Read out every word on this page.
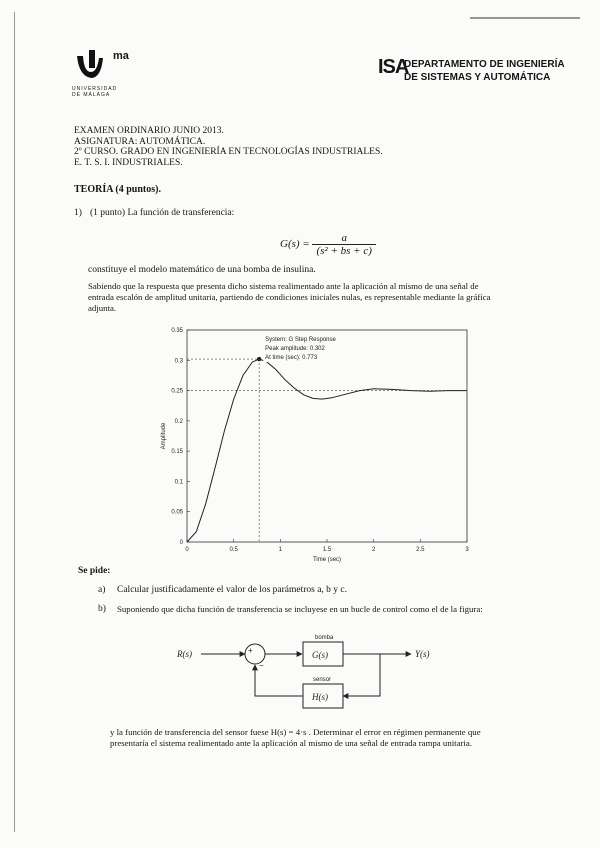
ma
UNIVERSIDAD
DE MÁLAGA
ISA
DEPARTAMENTO DE INGENIERÍA
DE SISTEMAS Y AUTOMÁTICA
EXAMEN ORDINARIO JUNIO 2013.
ASIGNATURA: AUTOMÁTICA.
2º CURSO. GRADO EN INGENIERÍA EN TECNOLOGÍAS INDUSTRIALES.
E. T. S. I. INDUSTRIALES.
TEORÍA (4 puntos).
1) (1 punto) La función de transferencia:
$G(s) = \frac{a}{\text{(s² + bs + c)}}$
constituye el modelo matemático de una bomba de insulina.
Sabiendo que la respuesta que presenta dicho sistema realimentado ante la aplicación al mismo de una señal de
entrada escalón de amplitud unitaria, partiendo de condiciones iniciales nulas, es representable mediante la gráfica
adjunta.
0	0.5	1	1.5	2	2.5	3
0
0.05
0.1
0.15
0.2
0.25
0.3
0.35
System: G Step Response
Peak amplitude: 0.302
At time (sec): 0.773
Time (sec)
Amplitude
Se pide:
a) Calcular justificadamente el valor de los parámetros a, b y c.
b) Suponiendo que dicha función de transferencia se incluyese en un bucle de control como el de la figura:
R(s)	+
−
bomba
G(s)	Y(s)
sensor
H(s)
y la función de transferencia del sensor fuese H(s) = 4·s . Determinar el error en régimen permanente que
presentaría el sistema realimentado ante la aplicación al mismo de una señal de entrada rampa unitaria.
